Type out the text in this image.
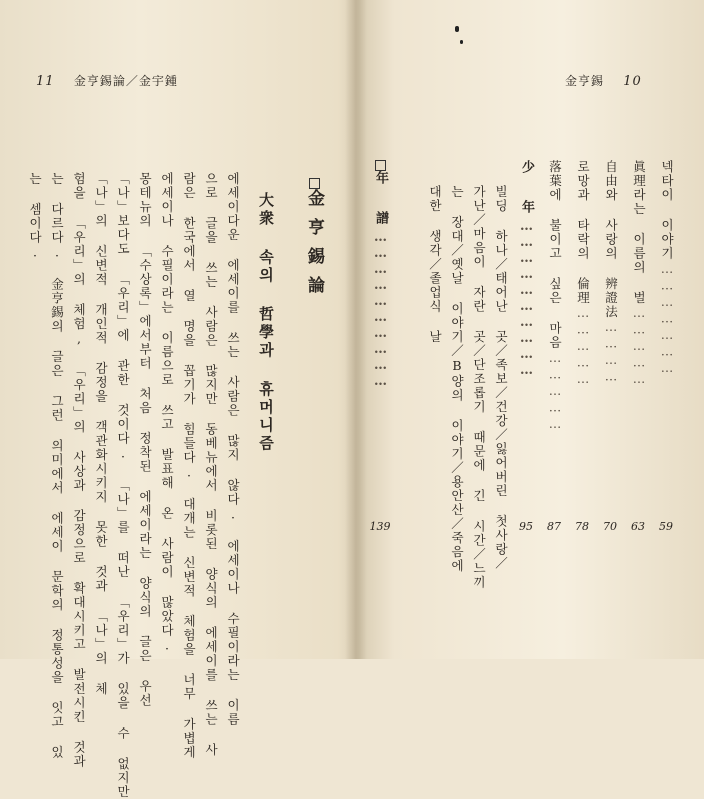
11 金亨錫論／金宇鍾
金亨錫論
大衆 속의 哲學과 휴머니즘
에세이다운 에세이를 쓰는 사람은 많지 않다. 에세이나 수필이라는 이름
으로 글을 쓰는 사람은 많지만 동베뉴에서 비롯된 양식의 에세이를 쓰는 사
람은 한국에서 열 명을 꼽기가 힘들다. 대개는 신변적 체험을 너무 가볍게
에세이나 수필이라는 이름으로 쓰고 발표해 온 사람이 많았다.
몽테뉴의 「수상록」에서부터 처음 정착된 에세이라는 양식의 글은 우선
「나」보다도 「우리」에 관한 것이다. 「나」를 떠난 「우리」가 있을 수 없지만
「나」의 신변적 개인적 감정을 객관화시키지 못한 것과 「나」의 체
험을 「우리」의 체험, 「우리」의 사상과 감정으로 확대시키고 발전시킨 것과
는 다르다. 金亨錫의 글은 그런 의미에서 에세이 문학의 정통성을 잇고 있
는 셈이다.
金亨錫 10
넥타이 이야기…………………
59
眞理라는 이름의 벌……………
63
自由와 사랑의 辨證法…………
70
로망과 타락의 倫理……………
78
落葉에 불이고 싶은 마음……………
87
少 年…………………………
95
빌딩 하나／태어난 곳／족보／건강／잃어버린 첫사랑／
가난／마음이 자란 곳／단조롭기 때문에 긴 시간／느끼
는 장대／옛날 이야기／B양의 이야기／용안산／죽음에
대한 생각／졸업식 날
年 譜…………………………
139
